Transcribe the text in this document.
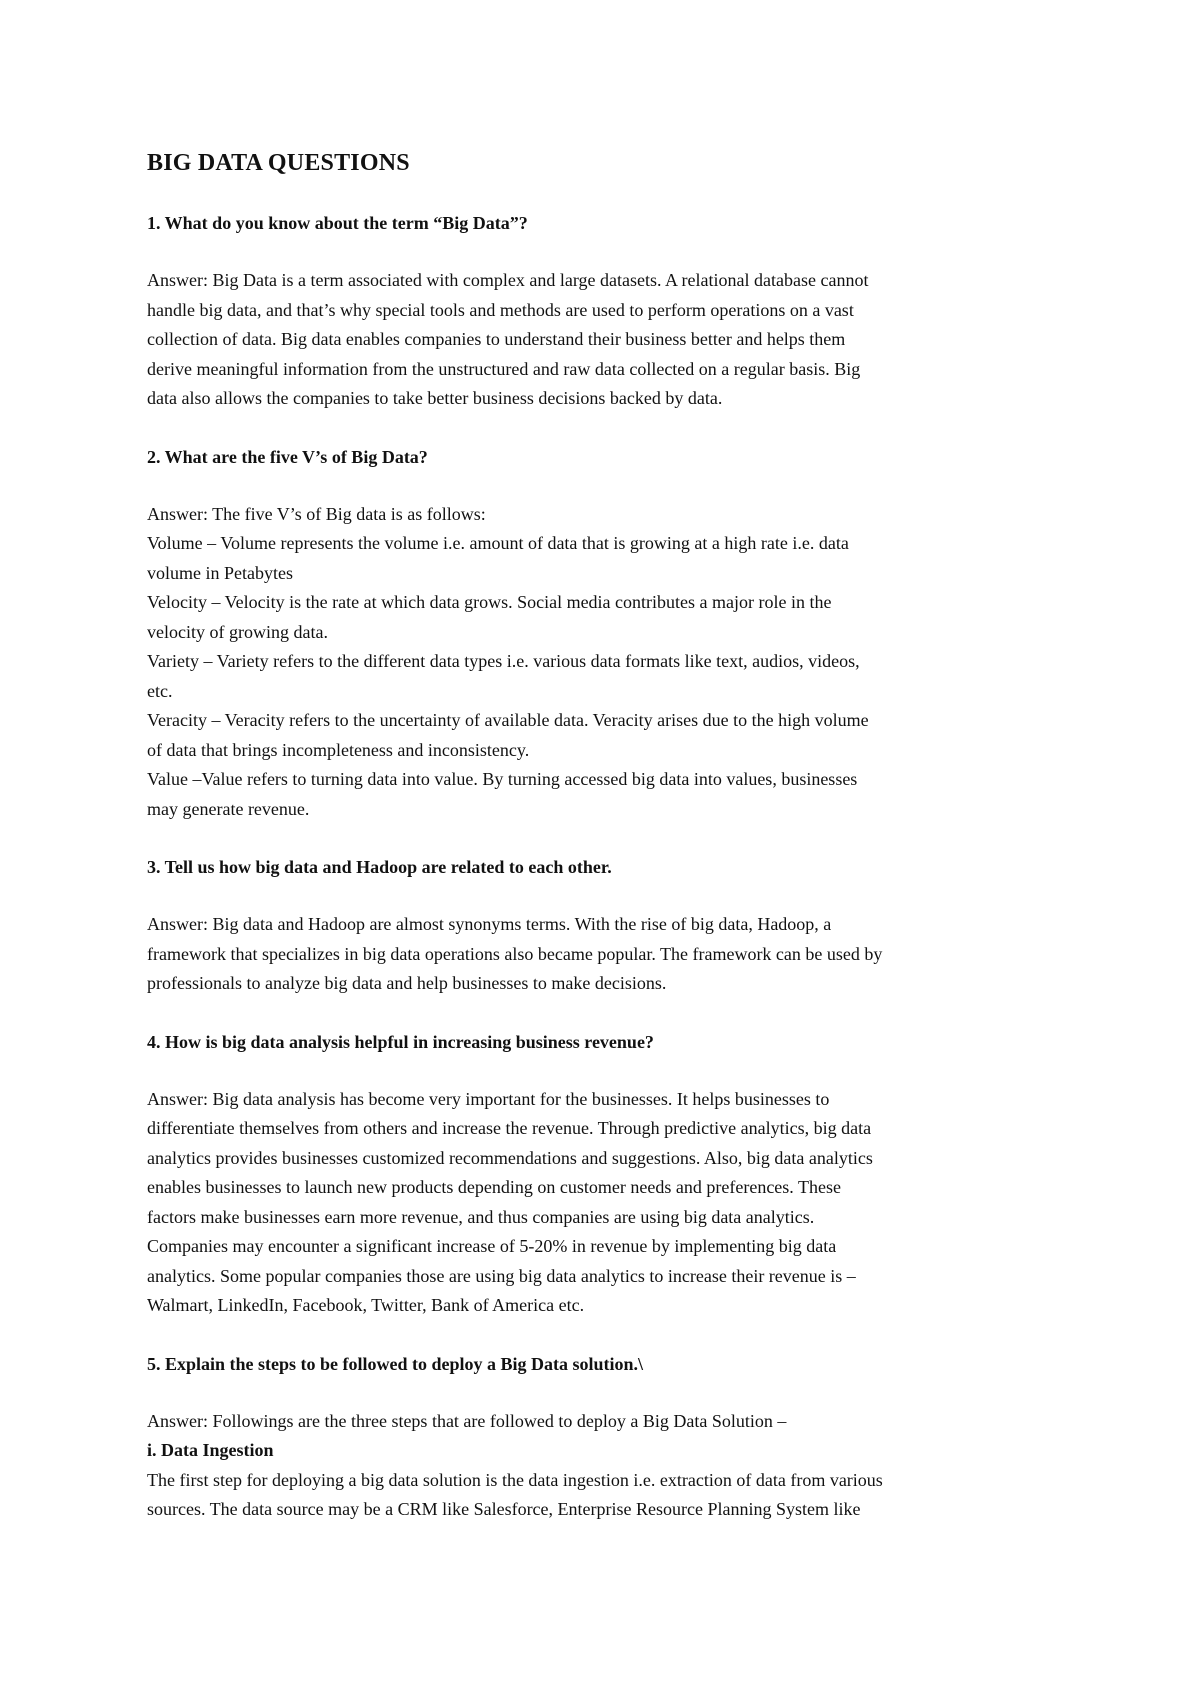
BIG DATA QUESTIONS
1. What do you know about the term “Big Data”?
Answer: Big Data is a term associated with complex and large datasets. A relational database cannot
handle big data, and that’s why special tools and methods are used to perform operations on a vast
collection of data. Big data enables companies to understand their business better and helps them
derive meaningful information from the unstructured and raw data collected on a regular basis. Big
data also allows the companies to take better business decisions backed by data.
2. What are the five V’s of Big Data?
Answer: The five V’s of Big data is as follows:
Volume – Volume represents the volume i.e. amount of data that is growing at a high rate i.e. data
volume in Petabytes
Velocity – Velocity is the rate at which data grows. Social media contributes a major role in the
velocity of growing data.
Variety – Variety refers to the different data types i.e. various data formats like text, audios, videos,
etc.
Veracity – Veracity refers to the uncertainty of available data. Veracity arises due to the high volume
of data that brings incompleteness and inconsistency.
Value –Value refers to turning data into value. By turning accessed big data into values, businesses
may generate revenue.
3. Tell us how big data and Hadoop are related to each other.
Answer: Big data and Hadoop are almost synonyms terms. With the rise of big data, Hadoop, a
framework that specializes in big data operations also became popular. The framework can be used by
professionals to analyze big data and help businesses to make decisions.
4. How is big data analysis helpful in increasing business revenue?
Answer: Big data analysis has become very important for the businesses. It helps businesses to
differentiate themselves from others and increase the revenue. Through predictive analytics, big data
analytics provides businesses customized recommendations and suggestions. Also, big data analytics
enables businesses to launch new products depending on customer needs and preferences. These
factors make businesses earn more revenue, and thus companies are using big data analytics.
Companies may encounter a significant increase of 5-20% in revenue by implementing big data
analytics. Some popular companies those are using big data analytics to increase their revenue is –
Walmart, LinkedIn, Facebook, Twitter, Bank of America etc.
5. Explain the steps to be followed to deploy a Big Data solution.\
Answer: Followings are the three steps that are followed to deploy a Big Data Solution –
i. Data Ingestion
The first step for deploying a big data solution is the data ingestion i.e. extraction of data from various
sources. The data source may be a CRM like Salesforce, Enterprise Resource Planning System like
